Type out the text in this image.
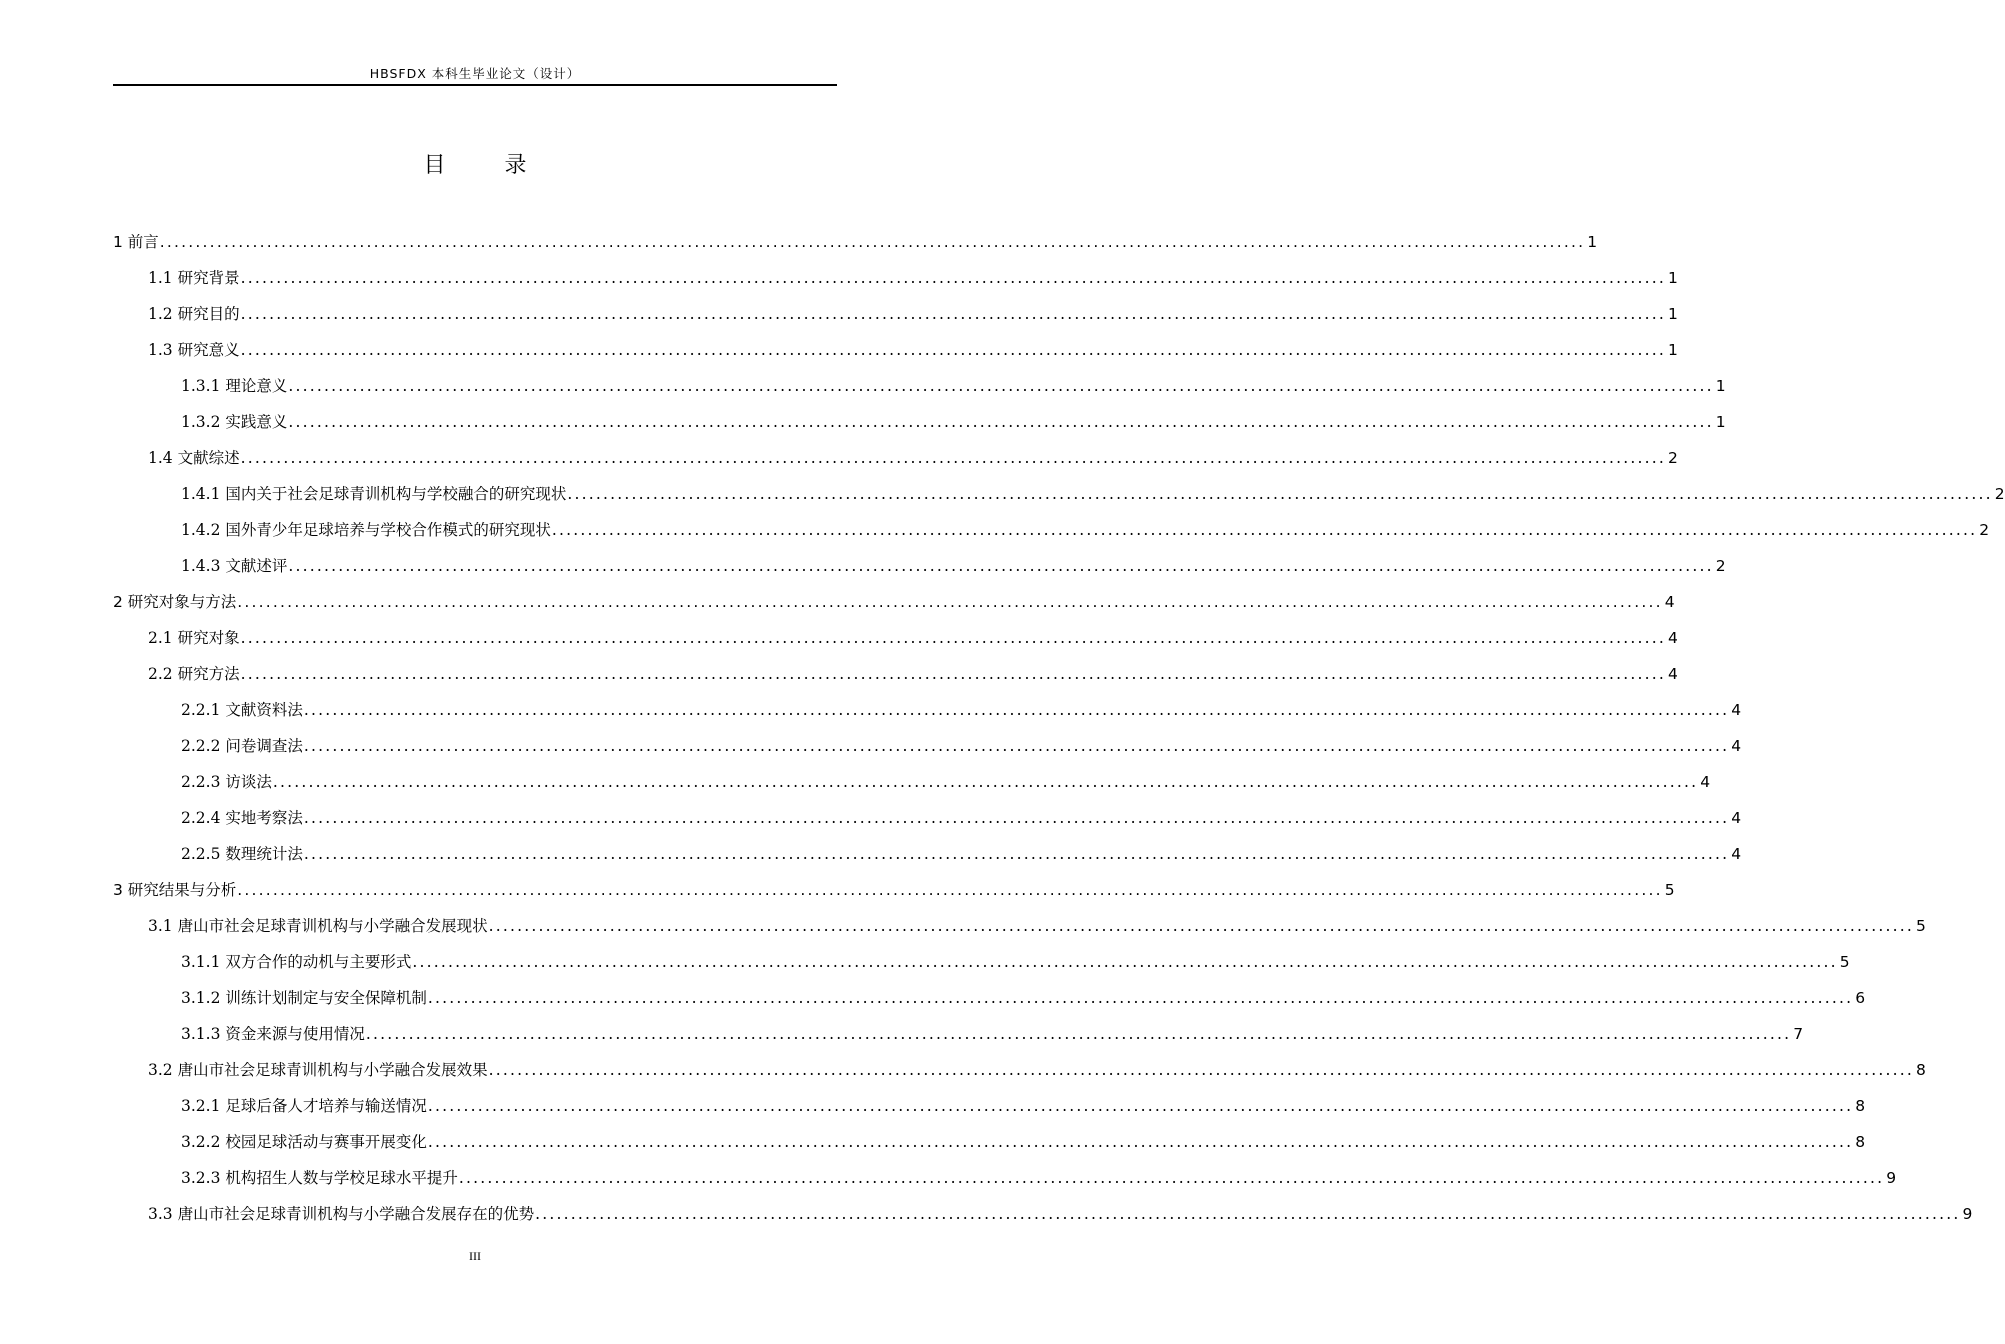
HBSFDX 本科生毕业论文（设计）
目 录
1 前言 ........................................................................................................................................................................................................ 1
1.1 研究背景 ........................................................................................................................................................................................................ 1
1.2 研究目的 ........................................................................................................................................................................................................ 1
1.3 研究意义 ........................................................................................................................................................................................................ 1
1.3.1 理论意义 ........................................................................................................................................................................................................ 1
1.3.2 实践意义 ........................................................................................................................................................................................................ 1
1.4 文献综述 ........................................................................................................................................................................................................ 2
1.4.1 国内关于社会足球青训机构与学校融合的研究现状 ........................................................................................................................................................................................................ 2
1.4.2 国外青少年足球培养与学校合作模式的研究现状 ........................................................................................................................................................................................................ 2
1.4.3 文献述评 ........................................................................................................................................................................................................ 2
2 研究对象与方法 ........................................................................................................................................................................................................ 4
2.1 研究对象 ........................................................................................................................................................................................................ 4
2.2 研究方法 ........................................................................................................................................................................................................ 4
2.2.1 文献资料法 ........................................................................................................................................................................................................ 4
2.2.2 问卷调查法 ........................................................................................................................................................................................................ 4
2.2.3 访谈法 ........................................................................................................................................................................................................ 4
2.2.4 实地考察法 ........................................................................................................................................................................................................ 4
2.2.5 数理统计法 ........................................................................................................................................................................................................ 4
3 研究结果与分析 ........................................................................................................................................................................................................ 5
3.1 唐山市社会足球青训机构与小学融合发展现状 ........................................................................................................................................................................................................ 5
3.1.1 双方合作的动机与主要形式 ........................................................................................................................................................................................................ 5
3.1.2 训练计划制定与安全保障机制 ........................................................................................................................................................................................................ 6
3.1.3 资金来源与使用情况 ........................................................................................................................................................................................................ 7
3.2 唐山市社会足球青训机构与小学融合发展效果 ........................................................................................................................................................................................................ 8
3.2.1 足球后备人才培养与输送情况 ........................................................................................................................................................................................................ 8
3.2.2 校园足球活动与赛事开展变化 ........................................................................................................................................................................................................ 8
3.2.3 机构招生人数与学校足球水平提升 ........................................................................................................................................................................................................ 9
3.3 唐山市社会足球青训机构与小学融合发展存在的优势 ........................................................................................................................................................................................................ 9
III
